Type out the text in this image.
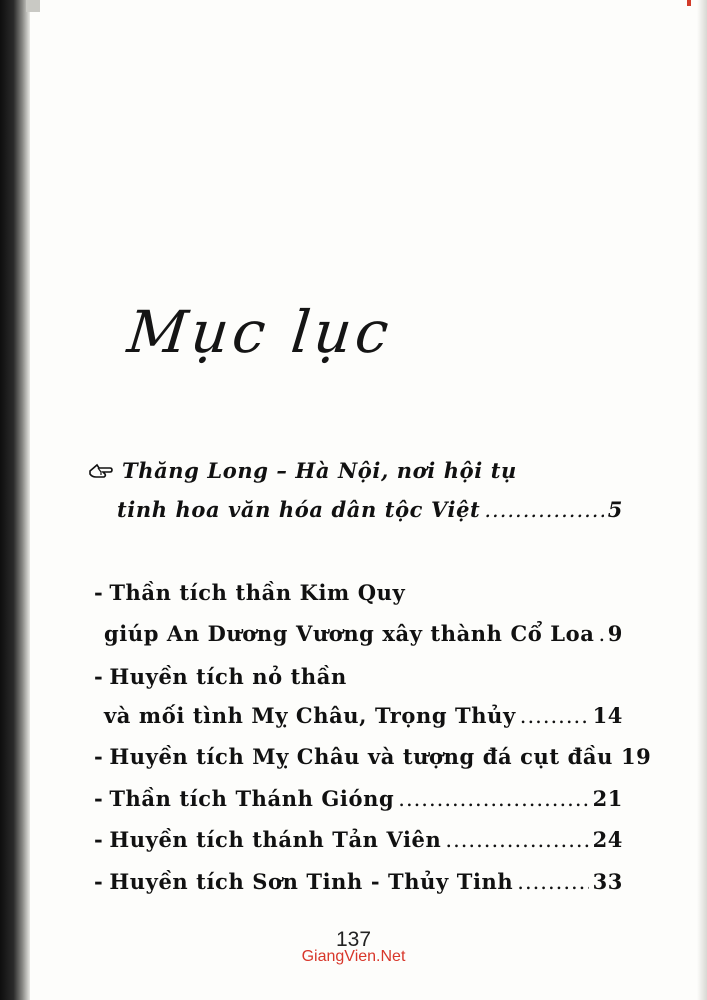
Mục lục
Thăng Long – Hà Nội, nơi hội tụ
tinh hoa văn hóa dân tộc Việt .....	5
- Thần tích thần Kim Quy
giúp An Dương Vương xây thành Cổ Loa ..... 9
- Huyền tích nỏ thần
và mối tình Mỵ Châu, Trọng Thủy .....	14
- Huyền tích Mỵ Châu và tượng đá cụt đầu 19
- Thần tích Thánh Gióng .....	21
- Huyền tích thánh Tản Viên .....	24
- Huyền tích Sơn Tinh - Thủy Tinh .....	33
137
GiangVien.Net
